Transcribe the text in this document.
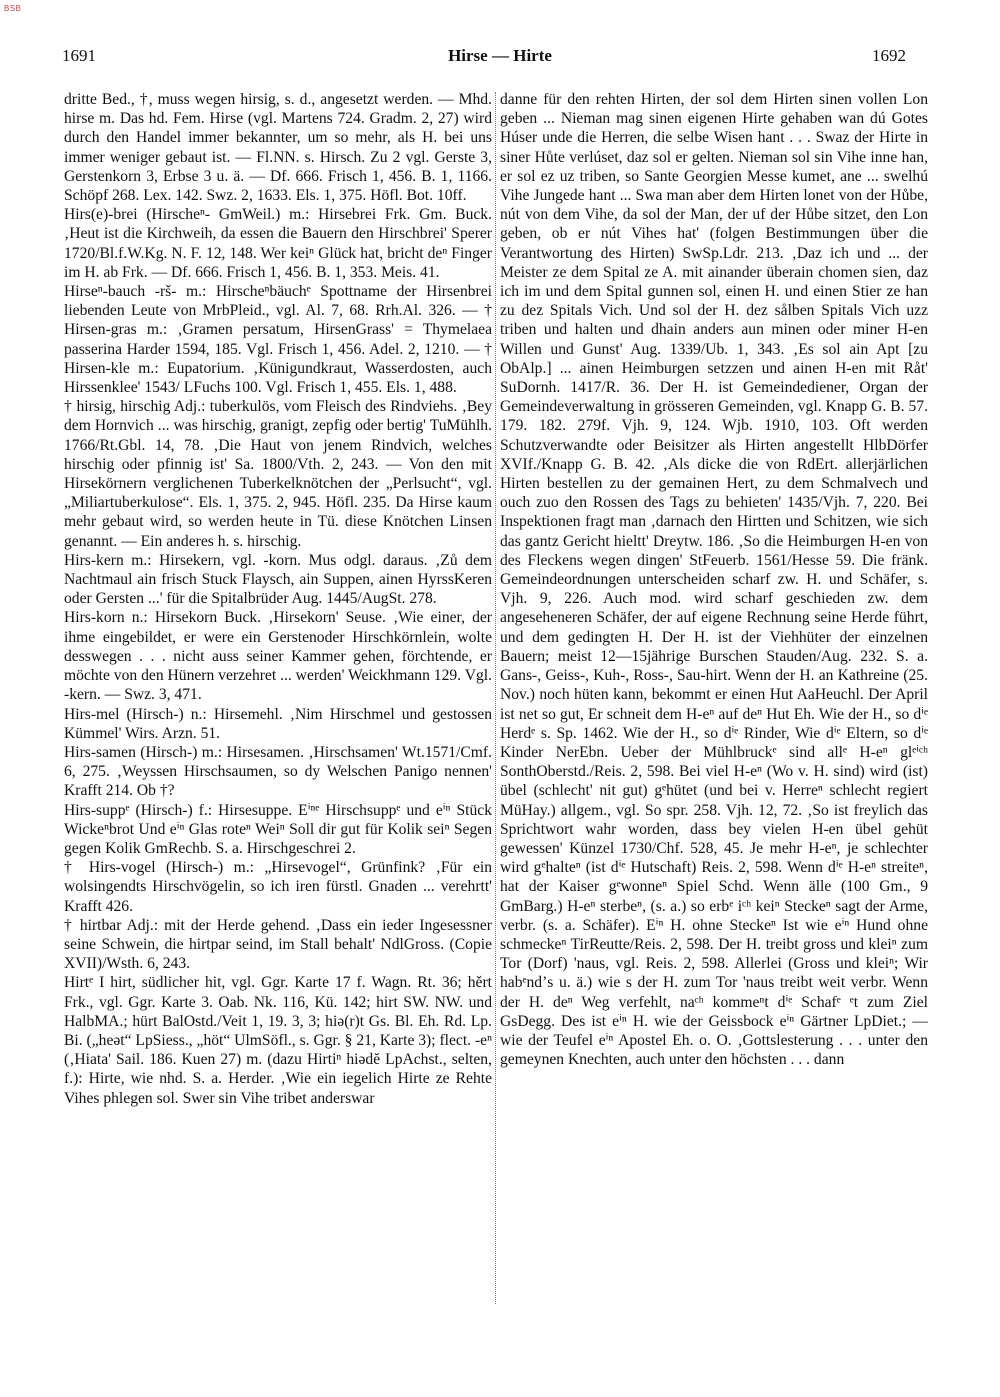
BSB
1691	Hirse — Hirte	1692

dritte Bed., †, muss wegen hirsig, s. d., angesetzt werden. — Mhd. hirse m. Das hd. Fem. Hirse (vgl. Martens 724. Gradm. 2, 27) wird durch den Handel immer bekannter, um so mehr, als H. bei uns immer weniger gebaut ist. — Fl.NN. s. Hirsch. Zu 2 vgl. Gerste 3, Gerstenkorn 3, Erbse 3 u. ä. — Df. 666. Frisch 1, 456. B. 1, 1166. Schöpf 268. Lex. 142. Swz. 2, 1633. Els. 1, 375. Höfl. Bot. 10ff.

Hirs(e)-brei (Hirscheⁿ- GmWeil.) m.: Hirsebrei Frk. Gm. Buck. ‚Heut ist die Kirchweih, da essen die Bauern den Hirschbrei' Sperer 1720/Bl.f.W.Kg. N. F. 12, 148. Wer keiⁿ Glück hat, bricht deⁿ Finger im H. ab Frk. — Df. 666. Frisch 1, 456. B. 1, 353. Meis. 41.

Hirseⁿ-bauch -rš- m.: Hirscheⁿbäuchᵉ Spottname der Hirsenbrei liebenden Leute von MrbPleid., vgl. Al. 7, 68. Rrh.Al. 326. — † Hirsen-gras m.: ‚Gramen persatum, HirsenGrass' = Thymelaea passerina Harder 1594, 185. Vgl. Frisch 1, 456. Adel. 2, 1210. — † Hirsen-kle m.: Eupatorium. ‚Künigundkraut, Wasserdosten, auch Hirssenklee' 1543/ LFuchs 100. Vgl. Frisch 1, 455. Els. 1, 488.

† hirsig, hirschig Adj.: tuberkulös, vom Fleisch des Rindviehs. ‚Bey dem Hornvich ... was hirschig, granigt, zepfig oder bertig' TuMühlh. 1766/Rt.Gbl. 14, 78. ‚Die Haut von jenem Rindvich, welches hirschig oder pfinnig ist' Sa. 1800/Vth. 2, 243. — Von den mit Hirsekörnern verglichenen Tuberkelknötchen der „Perlsucht“, vgl. „Miliartuberkulose“. Els. 1, 375. 2, 945. Höfl. 235. Da Hirse kaum mehr gebaut wird, so werden heute in Tü. diese Knötchen Linsen genannt. — Ein anderes h. s. hirschig.

Hirs-kern m.: Hirsekern, vgl. -korn. Mus odgl. daraus. ‚Zů dem Nachtmaul ain frisch Stuck Flaysch, ain Suppen, ainen HyrssKeren oder Gersten ...' für die Spitalbrüder Aug. 1445/AugSt. 278.

Hirs-korn n.: Hirsekorn Buck. ‚Hirsekorn' Seuse. ‚Wie einer, der ihme eingebildet, er were ein Gerstenoder Hirschkörnlein, wolte desswegen . . . nicht auss seiner Kammer gehen, förchtende, er möchte von den Hünern verzehret ... werden' Weickhmann 129. Vgl. -kern. — Swz. 3, 471.

Hirs-mel (Hirsch-) n.: Hirsemehl. ‚Nim Hirschmel und gestossen Kümmel' Wirs. Arzn. 51.

Hirs-samen (Hirsch-) m.: Hirsesamen. ‚Hirschsamen' Wt.1571/Cmf. 6, 275. ‚Weyssen Hirschsaumen, so dy Welschen Panigo nennen' Krafft 214. Ob †?

Hirs-suppᵉ (Hirsch-) f.: Hirsesuppe. Eⁱⁿᵉ Hirschsuppᵉ und eⁱⁿ Stück Wickeⁿbrot Und eⁱⁿ Glas roteⁿ Weiⁿ Soll dir gut für Kolik seiⁿ Segen gegen Kolik GmRechb. S. a. Hirschgeschrei 2.

† Hirs-vogel (Hirsch-) m.: „Hirsevogel“, Grünfink? ‚Für ein wolsingendts Hirschvögelin, so ich iren fürstl. Gnaden ... verehrtt' Krafft 426.

† hirtbar Adj.: mit der Herde gehend. ‚Dass ein ieder Ingesessner seine Schwein, die hirtpar seind, im Stall behalt' NdlGross. (Copie XVII)/Wsth. 6, 243.

Hirtᵉ I hirt, südlicher hit, vgl. Ggr. Karte 17 f. Wagn. Rt. 36; hěrt Frk., vgl. Ggr. Karte 3. Oab. Nk. 116, Kü. 142; hirt SW. NW. und HalbMA.; hürt BalOstd./Veit 1, 19. 3, 3; hiə(r)t Gs. Bl. Eh. Rd. Lp. Bi. („heət“ LpSiess., „höt“ UlmSöfl., s. Ggr. § 21, Karte 3); flect. -eⁿ (‚Hiata' Sail. 186. Kuen 27) m. (dazu Hirtiⁿ hiədĕ LpAchst., selten, f.): Hirte, wie nhd. S. a. Herder. ‚Wie ein iegelich Hirte ze Rehte Vihes phlegen sol. Swer sin Vihe tribet anderswar

danne für den rehten Hirten, der sol dem Hirten sinen vollen Lon geben ... Nieman mag sinen eigenen Hirte gehaben wan dú Gotes Húser unde die Herren, die selbe Wisen hant . . . Swaz der Hirte in siner Hůte verlúset, daz sol er gelten. Nieman sol sin Vihe inne han, er sol ez uz triben, so Sante Georgien Messe kumet, ane ... swelhú Vihe Jungede hant ... Swa man aber dem Hirten lonet von der Hůbe, nút von dem Vihe, da sol der Man, der uf der Hůbe sitzet, den Lon geben, ob er nút Vihes hat' (folgen Bestimmungen über die Verantwortung des Hirten) SwSp.Ldr. 213. ‚Daz ich und ... der Meister ze dem Spital ze A. mit ainander überain chomen sien, daz ich im und dem Spital gunnen sol, einen H. und einen Stier ze han zu dez Spitals Vich. Und sol der H. dez sålben Spitals Vich uzz triben und halten und dhain anders aun minen oder miner H-en Willen und Gunst' Aug. 1339/Ub. 1, 343. ‚Es sol ain Apt [zu ObAlp.] ... ainen Heimburgen setzzen und ainen H-en mit Råt' SuDornh. 1417/R. 36. Der H. ist Gemeindediener, Organ der Gemeindeverwaltung in grösseren Gemeinden, vgl. Knapp G. B. 57. 179. 182. 279f. Vjh. 9, 124. Wjb. 1910, 103. Oft werden Schutzverwandte oder Beisitzer als Hirten angestellt HlbDörfer XVIf./Knapp G. B. 42. ‚Als dicke die von RdErt. allerjärlichen Hirten bestellen zu der gemainen Hert, zu dem Schmalvech und ouch zuo den Rossen des Tags zu behieten' 1435/Vjh. 7, 220. Bei Inspektionen fragt man ‚darnach den Hirtten und Schitzen, wie sich das gantz Gericht hieltt' Dreytw. 186. ‚So die Heimburgen H-en von des Fleckens wegen dingen' StFeuerb. 1561/Hesse 59. Die fränk. Gemeindeordnungen unterscheiden scharf zw. H. und Schäfer, s. Vjh. 9, 226. Auch mod. wird scharf geschieden zw. dem angeseheneren Schäfer, der auf eigene Rechnung seine Herde führt, und dem gedingten H. Der H. ist der Viehhüter der einzelnen Bauern; meist 12—15jährige Burschen Stauden/Aug. 232. S. a. Gans-, Geiss-, Kuh-, Ross-, Sau-hirt. Wenn der H. an Kathreine (25. Nov.) noch hüten kann, bekommt er einen Hut AaHeuchl. Der April ist net so gut, Er schneit dem H-eⁿ auf deⁿ Hut Eh. Wie der H., so dⁱᵉ Herdᵉ s. Sp. 1462. Wie der H., so dⁱᵉ Rinder, Wie dⁱᵉ Eltern, so dⁱᵉ Kinder NerEbn. Ueber der Mühlbruckᵉ sind allᵉ H-eⁿ glᵉⁱᶜʰ SonthOberstd./Reis. 2, 598. Bei viel H-eⁿ (Wo v. H. sind) wird (ist) übel (schlecht' nit gut) gᵉhütet (und bei v. Herreⁿ schlecht regiert MüHay.) allgem., vgl. So spr. 258. Vjh. 12, 72. ‚So ist freylich das Sprichtwort wahr worden, dass bey vielen H-en übel gehüt gewessen' Künzel 1730/Chf. 528, 45. Je mehr H-eⁿ, je schlechter wird gᵉhalteⁿ (ist dⁱᵉ Hutschaft) Reis. 2, 598. Wenn dⁱᵉ H-eⁿ streiteⁿ, hat der Kaiser gᵉwonneⁿ Spiel Schd. Wenn älle (100 Gm., 9 GmBarg.) H-eⁿ sterbeⁿ, (s. a.) so erbᵉ iᶜʰ keiⁿ Steckeⁿ sagt der Arme, verbr. (s. a. Schäfer). Eⁱⁿ H. ohne Steckeⁿ Ist wie eⁱⁿ Hund ohne schmeckeⁿ TirReutte/Reis. 2, 598. Der H. treibt gross und kleiⁿ zum Tor (Dorf) 'naus, vgl. Reis. 2, 598. Allerlei (Gross und kleiⁿ; Wir habᵉndʼs u. ä.) wie s der H. zum Tor 'naus treibt weit verbr. Wenn der H. deⁿ Weg verfehlt, naᶜʰ kommeⁿt dⁱᵉ Schafᵉ ᵉt zum Ziel GsDegg. Des ist eⁱⁿ H. wie der Geissbock eⁱⁿ Gärtner LpDiet.; — wie der Teufel eⁱⁿ Apostel Eh. o. O. ‚Gottslesterung . . . unter den gemeynen Knechten, auch unter den höchsten . . . dann
